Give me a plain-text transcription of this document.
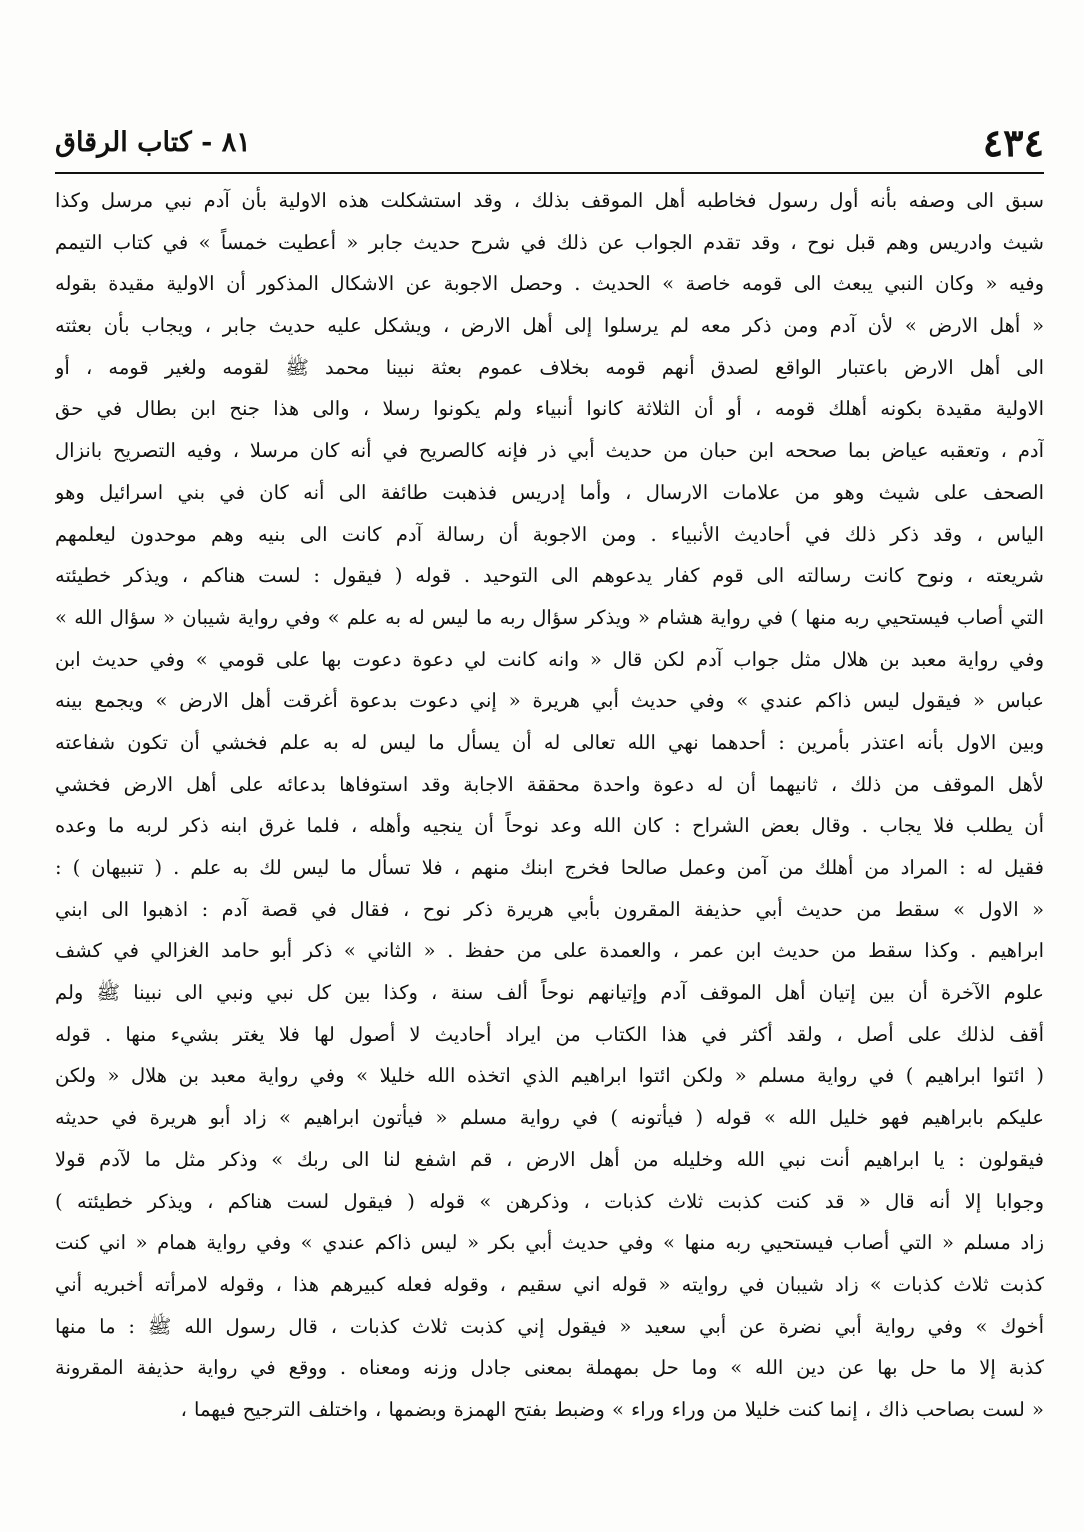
٤٣٤
٨١ - كتاب الرقاق
سبق الى وصفه بأنه أول رسول فخاطبه أهل الموقف بذلك ، وقد استشكلت هذه الاولية بأن آدم نبي مرسل وكذا
شيث وادريس وهم قبل نوح ، وقد تقدم الجواب عن ذلك في شرح حديث جابر « أعطيت خمساً » في كتاب التيمم
وفيه « وكان النبي يبعث الى قومه خاصة » الحديث . وحصل الاجوبة عن الاشكال المذكور أن الاولية مقيدة بقوله
« أهل الارض » لأن آدم ومن ذكر معه لم يرسلوا إلى أهل الارض ، ويشكل عليه حديث جابر ، ويجاب بأن بعثته
الى أهل الارض باعتبار الواقع لصدق أنهم قومه بخلاف عموم بعثة نبينا محمد ﷺ لقومه ولغير قومه ، أو
الاولية مقيدة بكونه أهلك قومه ، أو أن الثلاثة كانوا أنبياء ولم يكونوا رسلا ، والى هذا جنح ابن بطال في حق
آدم ، وتعقبه عياض بما صححه ابن حبان من حديث أبي ذر فإنه كالصريح في أنه كان مرسلا ، وفيه التصريح بانزال
الصحف على شيث وهو من علامات الارسال ، وأما إدريس فذهبت طائفة الى أنه كان في بني اسرائيل وهو
الياس ، وقد ذكر ذلك في أحاديث الأنبياء . ومن الاجوبة أن رسالة آدم كانت الى بنيه وهم موحدون ليعلمهم
شريعته ، ونوح كانت رسالته الى قوم كفار يدعوهم الى التوحيد . قوله ( فيقول : لست هناكم ، ويذكر خطيئته
التي أصاب فيستحيي ربه منها ) في رواية هشام « ويذكر سؤال ربه ما ليس له به علم » وفي رواية شيبان « سؤال الله »
وفي رواية معبد بن هلال مثل جواب آدم لكن قال « وانه كانت لي دعوة دعوت بها على قومي » وفي حديث ابن
عباس « فيقول ليس ذاكم عندي » وفي حديث أبي هريرة « إني دعوت بدعوة أغرقت أهل الارض » ويجمع بينه
وبين الاول بأنه اعتذر بأمرين : أحدهما نهي الله تعالى له أن يسأل ما ليس له به علم فخشي أن تكون شفاعته
لأهل الموقف من ذلك ، ثانيهما أن له دعوة واحدة محققة الاجابة وقد استوفاها بدعائه على أهل الارض فخشي
أن يطلب فلا يجاب . وقال بعض الشراح : كان الله وعد نوحاً أن ينجيه وأهله ، فلما غرق ابنه ذكر لربه ما وعده
فقيل له : المراد من أهلك من آمن وعمل صالحا فخرج ابنك منهم ، فلا تسأل ما ليس لك به علم . ( تنبيهان ) :
« الاول » سقط من حديث أبي حذيفة المقرون بأبي هريرة ذكر نوح ، فقال في قصة آدم : اذهبوا الى ابني
ابراهيم . وكذا سقط من حديث ابن عمر ، والعمدة على من حفظ . « الثاني » ذكر أبو حامد الغزالي في كشف
علوم الآخرة أن بين إتيان أهل الموقف آدم وإتيانهم نوحاً ألف سنة ، وكذا بين كل نبي ونبي الى نبينا ﷺ ولم
أقف لذلك على أصل ، ولقد أكثر في هذا الكتاب من ايراد أحاديث لا أصول لها فلا يغتر بشيء منها . قوله
( ائتوا ابراهيم ) في رواية مسلم « ولكن ائتوا ابراهيم الذي اتخذه الله خليلا » وفي رواية معبد بن هلال « ولكن
عليكم بابراهيم فهو خليل الله » قوله ( فيأتونه ) في رواية مسلم « فيأتون ابراهيم » زاد أبو هريرة في حديثه
فيقولون : يا ابراهيم أنت نبي الله وخليله من أهل الارض ، قم اشفع لنا الى ربك » وذكر مثل ما لآدم قولا
وجوابا إلا أنه قال « قد كنت كذبت ثلاث كذبات ، وذكرهن » قوله ( فيقول لست هناكم ، ويذكر خطيئته )
زاد مسلم « التي أصاب فيستحيي ربه منها » وفي حديث أبي بكر « ليس ذاكم عندي » وفي رواية همام « اني كنت
كذبت ثلاث كذبات » زاد شيبان في روايته « قوله اني سقيم ، وقوله فعله كبيرهم هذا ، وقوله لامرأته أخبريه أني
أخوك » وفي رواية أبي نضرة عن أبي سعيد « فيقول إني كذبت ثلاث كذبات ، قال رسول الله ﷺ : ما منها
كذبة إلا ما حل بها عن دين الله » وما حل بمهملة بمعنى جادل وزنه ومعناه . ووقع في رواية حذيفة المقرونة
« لست بصاحب ذاك ، إنما كنت خليلا من وراء وراء » وضبط بفتح الهمزة وبضمها ، واختلف الترجيح فيهما ،
